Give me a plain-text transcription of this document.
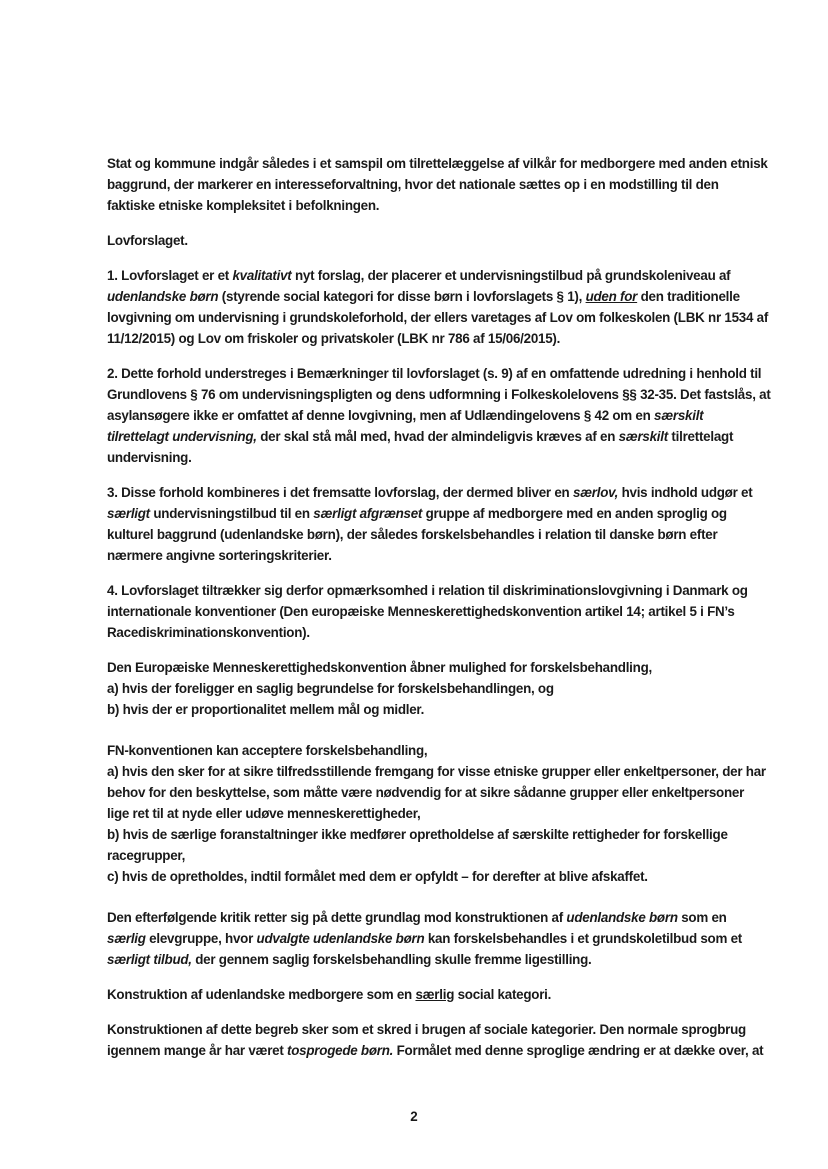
Stat og kommune indgår således i et samspil om tilrettelæggelse af vilkår for medborgere med anden etnisk
baggrund, der markerer en interesseforvaltning, hvor det nationale sættes op i en modstilling til den
faktiske etniske kompleksitet i befolkningen.
Lovforslaget.
1. Lovforslaget er et kvalitativt nyt forslag, der placerer et undervisningstilbud på grundskoleniveau af
udenlandske børn (styrende social kategori for disse børn i lovforslagets § 1), uden for den traditionelle
lovgivning om undervisning i grundskoleforhold, der ellers varetages af Lov om folkeskolen (LBK nr 1534 af
11/12/2015) og Lov om friskoler og privatskoler (LBK nr 786 af 15/06/2015).
2. Dette forhold understreges i Bemærkninger til lovforslaget (s. 9) af en omfattende udredning i henhold til
Grundlovens § 76 om undervisningspligten og dens udformning i Folkeskolelovens §§ 32-35. Det fastslås, at
asylansøgere ikke er omfattet af denne lovgivning, men af Udlændingelovens § 42 om en særskilt
tilrettelagt undervisning, der skal stå mål med, hvad der almindeligvis kræves af en særskilt tilrettelagt
undervisning.
3. Disse forhold kombineres i det fremsatte lovforslag, der dermed bliver en særlov, hvis indhold udgør et
særligt undervisningstilbud til en særligt afgrænset gruppe af medborgere med en anden sproglig og
kulturel baggrund (udenlandske børn), der således forskelsbehandles i relation til danske børn efter
nærmere angivne sorteringskriterier.
4. Lovforslaget tiltrækker sig derfor opmærksomhed i relation til diskriminationslovgivning i Danmark og
internationale konventioner (Den europæiske Menneskerettighedskonvention artikel 14; artikel 5 i FN’s
Racediskriminationskonvention).
Den Europæiske Menneskerettighedskonvention åbner mulighed for forskelsbehandling,
a) hvis der foreligger en saglig begrundelse for forskelsbehandlingen, og
b) hvis der er proportionalitet mellem mål og midler.
FN-konventionen kan acceptere forskelsbehandling,
a) hvis den sker for at sikre tilfredsstillende fremgang for visse etniske grupper eller enkeltpersoner, der har
behov for den beskyttelse, som måtte være nødvendig for at sikre sådanne grupper eller enkeltpersoner
lige ret til at nyde eller udøve menneskerettigheder,
b) hvis de særlige foranstaltninger ikke medfører opretholdelse af særskilte rettigheder for forskellige
racegrupper,
c) hvis de opretholdes, indtil formålet med dem er opfyldt – for derefter at blive afskaffet.
Den efterfølgende kritik retter sig på dette grundlag mod konstruktionen af udenlandske børn som en
særlig elevgruppe, hvor udvalgte udenlandske børn kan forskelsbehandles i et grundskoletilbud som et
særligt tilbud, der gennem saglig forskelsbehandling skulle fremme ligestilling.
Konstruktion af udenlandske medborgere som en særlig social kategori.
Konstruktionen af dette begreb sker som et skred i brugen af sociale kategorier. Den normale sprogbrug
igennem mange år har været tosprogede børn. Formålet med denne sproglige ændring er at dække over, at
2
